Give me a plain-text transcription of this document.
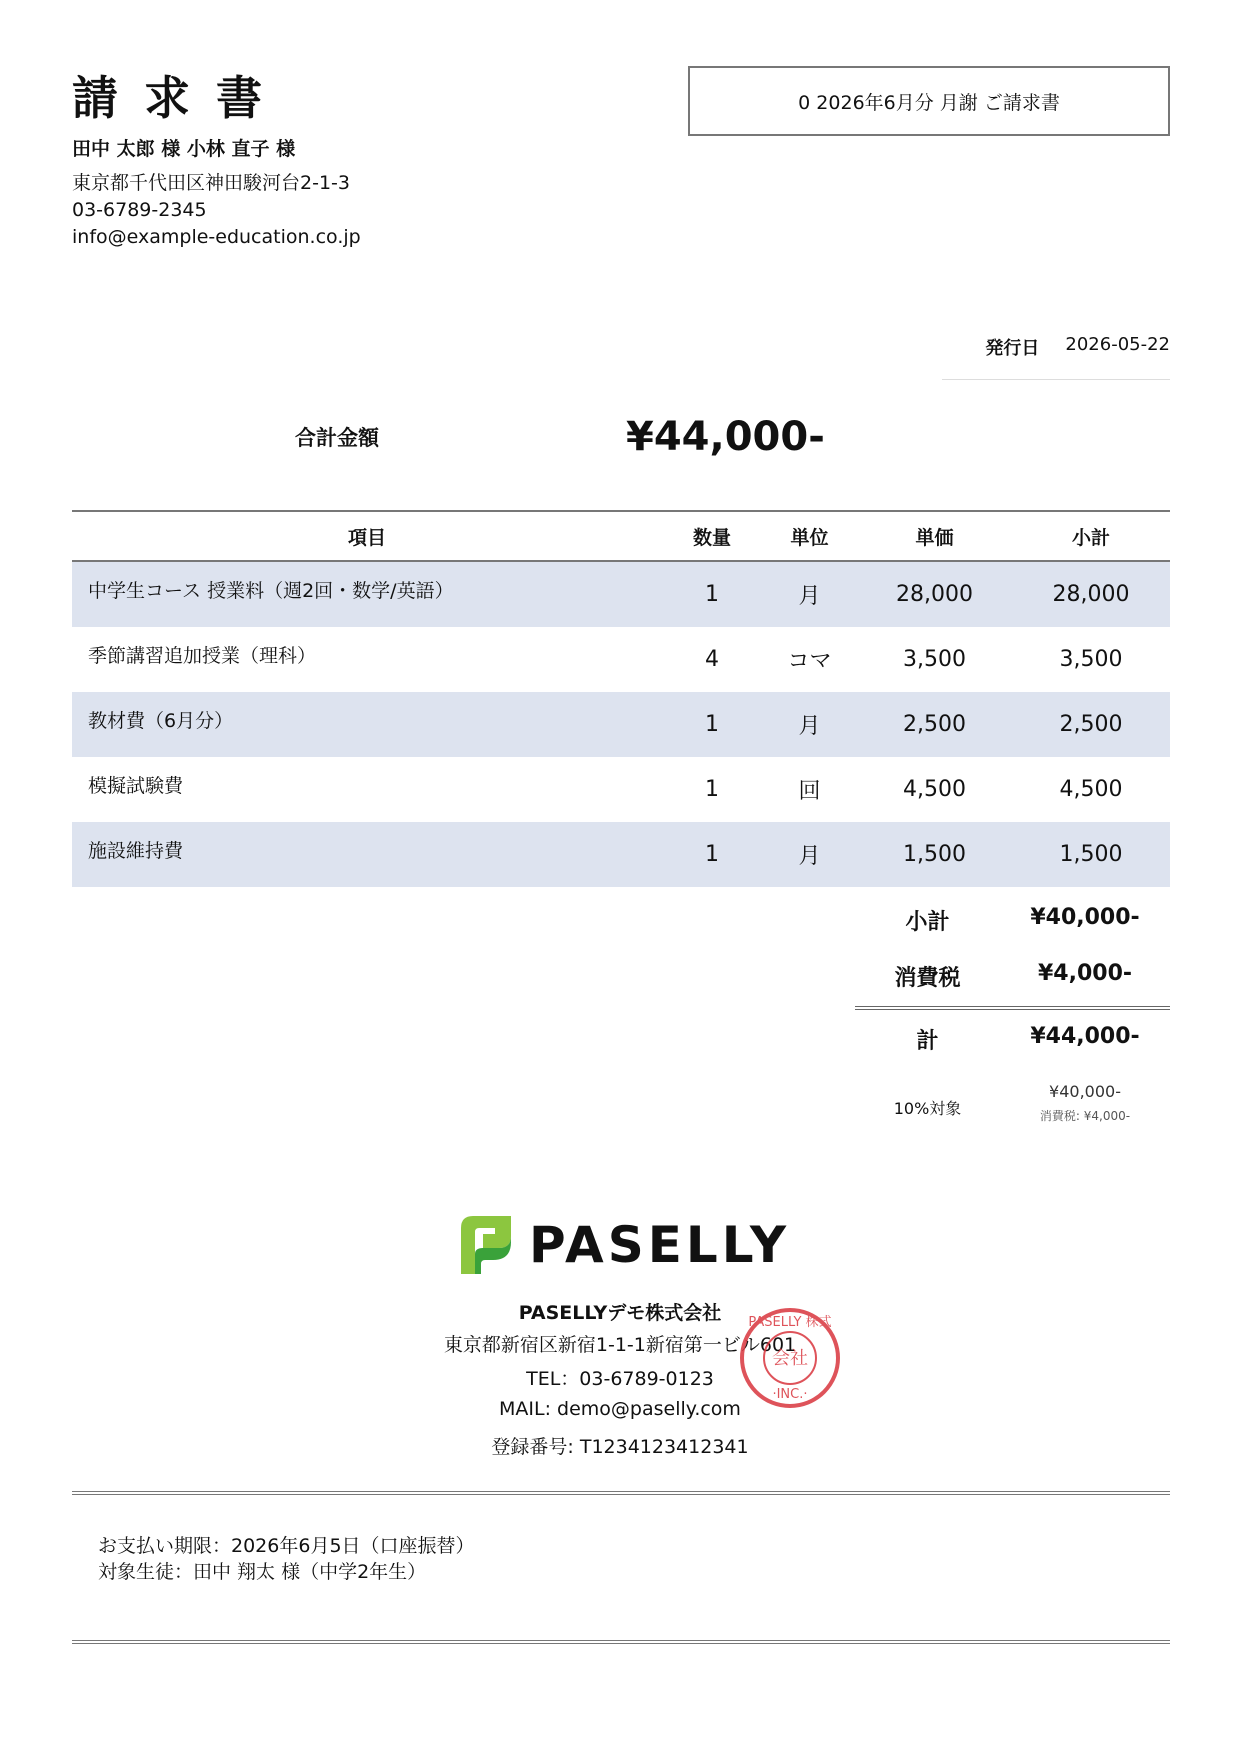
請求書
田中 太郎 様 小林 直子 様
東京都千代田区神田駿河台2-1-3
03-6789-2345
info@example-education.co.jp
0 2026年6月分 月謝 ご請求書
発行日 2026-05-22
合計金額	¥44,000-
項目	数量	単位	単価	小計
中学生コース 授業料（週2回・数学/英語）	1	月	28,000	28,000
季節講習追加授業（理科）	4	コマ	3,500	3,500
教材費（6月分）	1	月	2,500	2,500
模擬試験費	1	回	4,500	4,500
施設維持費	1	月	1,500	1,500
小計	¥40,000-
消費税	¥4,000-
計	¥44,000-
10%対象
¥40,000-
消費税: ¥4,000-
PASELLY
PASELLYデモ株式会社
東京都新宿区新宿1-1-1新宿第一ビル601
TEL：03-6789-0123
MAIL: demo@paselly.com
登録番号: T1234123412341
PASELLY 株式
会社
·INC.·
お支払い期限：2026年6月5日（口座振替）
対象生徒：田中 翔太 様（中学2年生）
